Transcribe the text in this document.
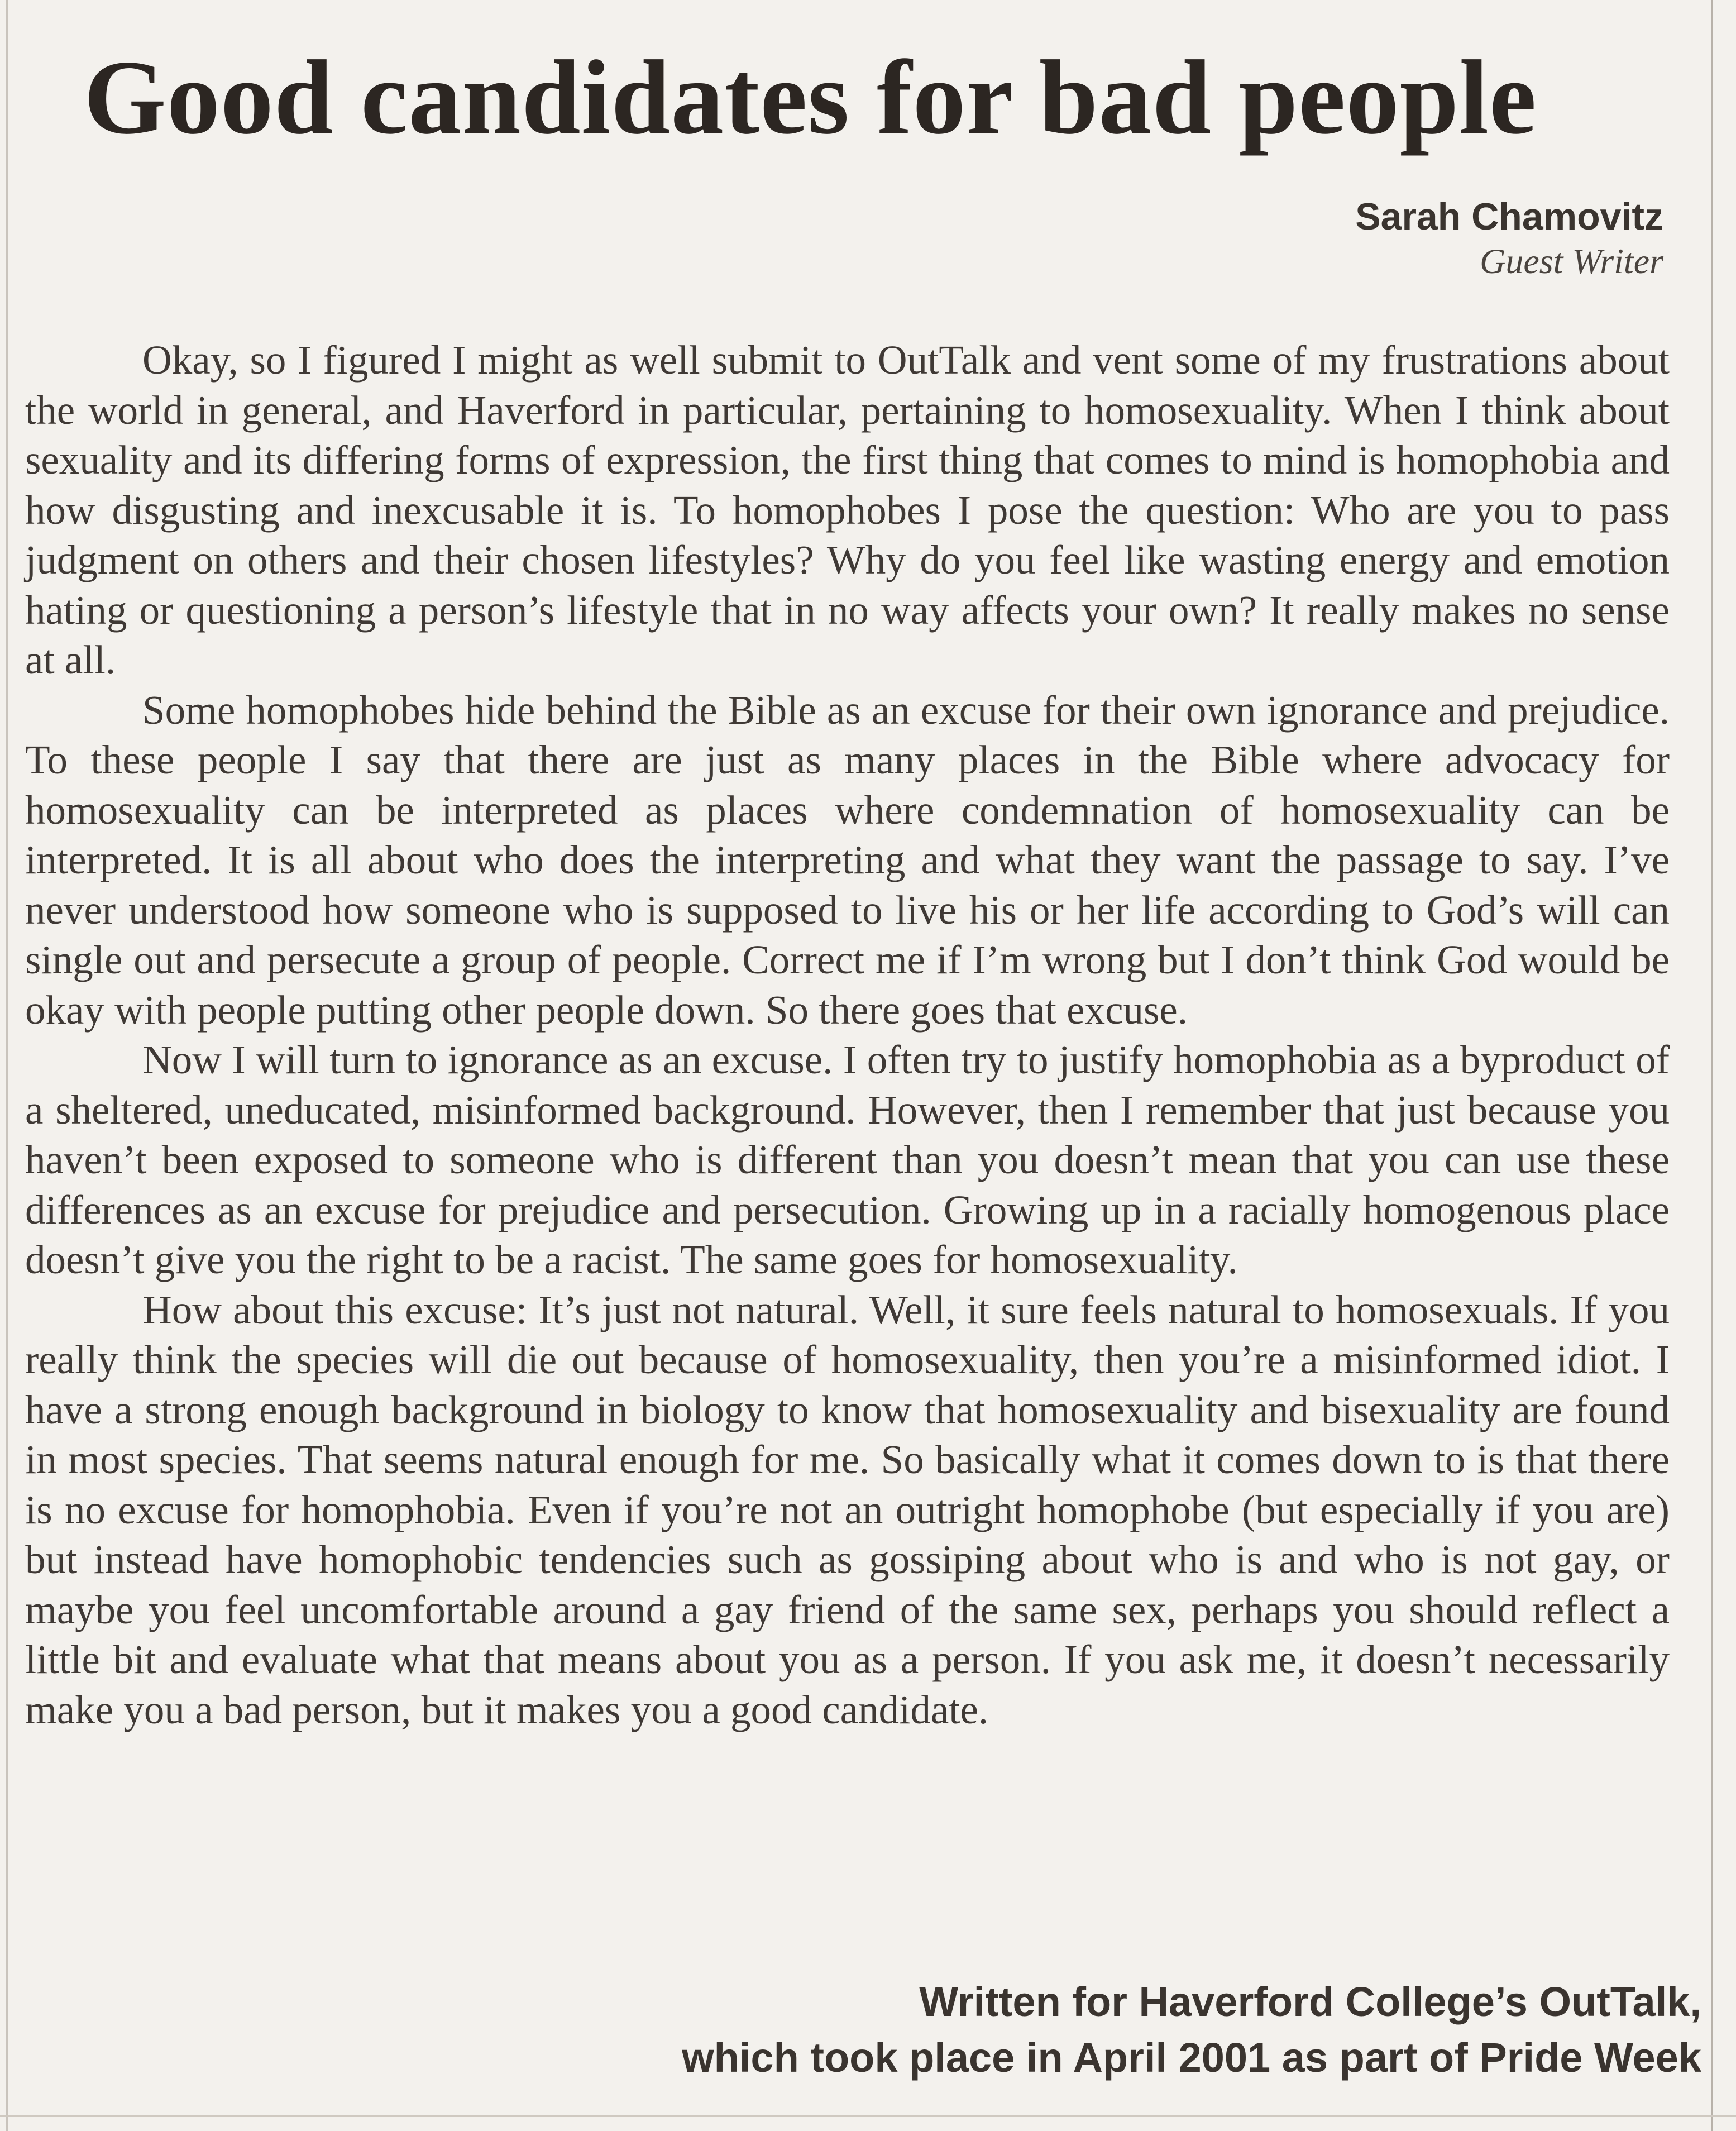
Good candidates for bad people
Sarah Chamovitz
Guest Writer

Okay, so I figured I might as well submit to OutTalk and vent some of my frustrations about the world in general, and Haverford in particular, pertaining to homosexuality. When I think about sexuality and its differing forms of expression, the first thing that comes to mind is homophobia and how disgusting and inexcusable it is. To homophobes I pose the question: Who are you to pass judgment on others and their chosen lifestyles? Why do you feel like wasting energy and emotion hating or questioning a person’s lifestyle that in no way affects your own? It really makes no sense at all.

Some homophobes hide behind the Bible as an excuse for their own ignorance and prejudice. To these people I say that there are just as many places in the Bible where advocacy for homosexuality can be interpreted as places where condemnation of homosexuality can be interpreted. It is all about who does the interpreting and what they want the passage to say. I’ve never understood how someone who is supposed to live his or her life according to God’s will can single out and persecute a group of people. Correct me if I’m wrong but I don’t think God would be okay with people putting other people down. So there goes that excuse.

Now I will turn to ignorance as an excuse. I often try to justify homophobia as a byproduct of a sheltered, uneducated, misinformed background. However, then I remember that just because you haven’t been exposed to someone who is different than you doesn’t mean that you can use these differences as an excuse for prejudice and persecution. Growing up in a racially homogenous place doesn’t give you the right to be a racist. The same goes for homosexuality.

How about this excuse: It’s just not natural. Well, it sure feels natural to homosexuals. If you really think the species will die out because of homosexuality, then you’re a misinformed idiot. I have a strong enough background in biology to know that homosexuality and bisexuality are found in most species. That seems natural enough for me. So basically what it comes down to is that there is no excuse for homophobia. Even if you’re not an outright homophobe (but especially if you are) but instead have homophobic tendencies such as gossiping about who is and who is not gay, or maybe you feel uncomfortable around a gay friend of the same sex, perhaps you should reflect a little bit and evaluate what that means about you as a person. If you ask me, it doesn’t necessarily make you a bad person, but it makes you a good candidate.

Written for Haverford College’s OutTalk,
which took place in April 2001 as part of Pride Week
